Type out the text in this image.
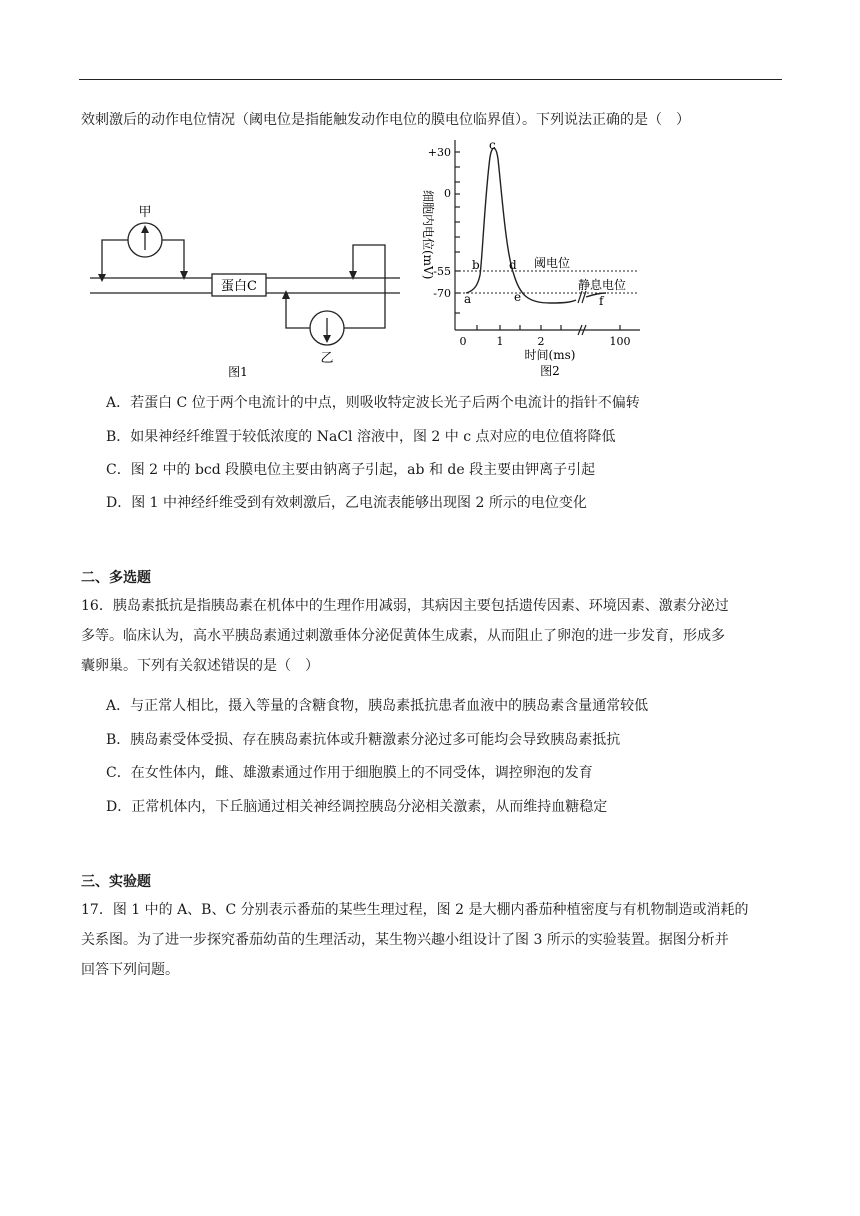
效刺激后的动作电位情况（阈电位是指能触发动作电位的膜电位临界值）。下列说法正确的是（　）
甲
乙
蛋白C
图1
细胞内电位(mV)
+30
0
-55
-70
0	1	2	100
时间(ms)
阈电位
静息电位
a
b
c
d
e	f
图2
A．若蛋白 C 位于两个电流计的中点，则吸收特定波长光子后两个电流计的指针不偏转
B．如果神经纤维置于较低浓度的 NaCl 溶液中，图 2 中 c 点对应的电位值将降低
C．图 2 中的 bcd 段膜电位主要由钠离子引起，ab 和 de 段主要由钾离子引起
D．图 1 中神经纤维受到有效刺激后，乙电流表能够出现图 2 所示的电位变化
二、多选题
16．胰岛素抵抗是指胰岛素在机体中的生理作用减弱，其病因主要包括遗传因素、环境因素、激素分泌过
多等。临床认为，高水平胰岛素通过刺激垂体分泌促黄体生成素，从而阻止了卵泡的进一步发育，形成多
囊卵巢。下列有关叙述错误的是（　）
A．与正常人相比，摄入等量的含糖食物，胰岛素抵抗患者血液中的胰岛素含量通常较低
B．胰岛素受体受损、存在胰岛素抗体或升糖激素分泌过多可能均会导致胰岛素抵抗
C．在女性体内，雌、雄激素通过作用于细胞膜上的不同受体，调控卵泡的发育
D．正常机体内，下丘脑通过相关神经调控胰岛分泌相关激素，从而维持血糖稳定
三、实验题
17．图 1 中的 A、B、C 分别表示番茄的某些生理过程，图 2 是大棚内番茄种植密度与有机物制造或消耗的
关系图。为了进一步探究番茄幼苗的生理活动，某生物兴趣小组设计了图 3 所示的实验装置。据图分析并
回答下列问题。
